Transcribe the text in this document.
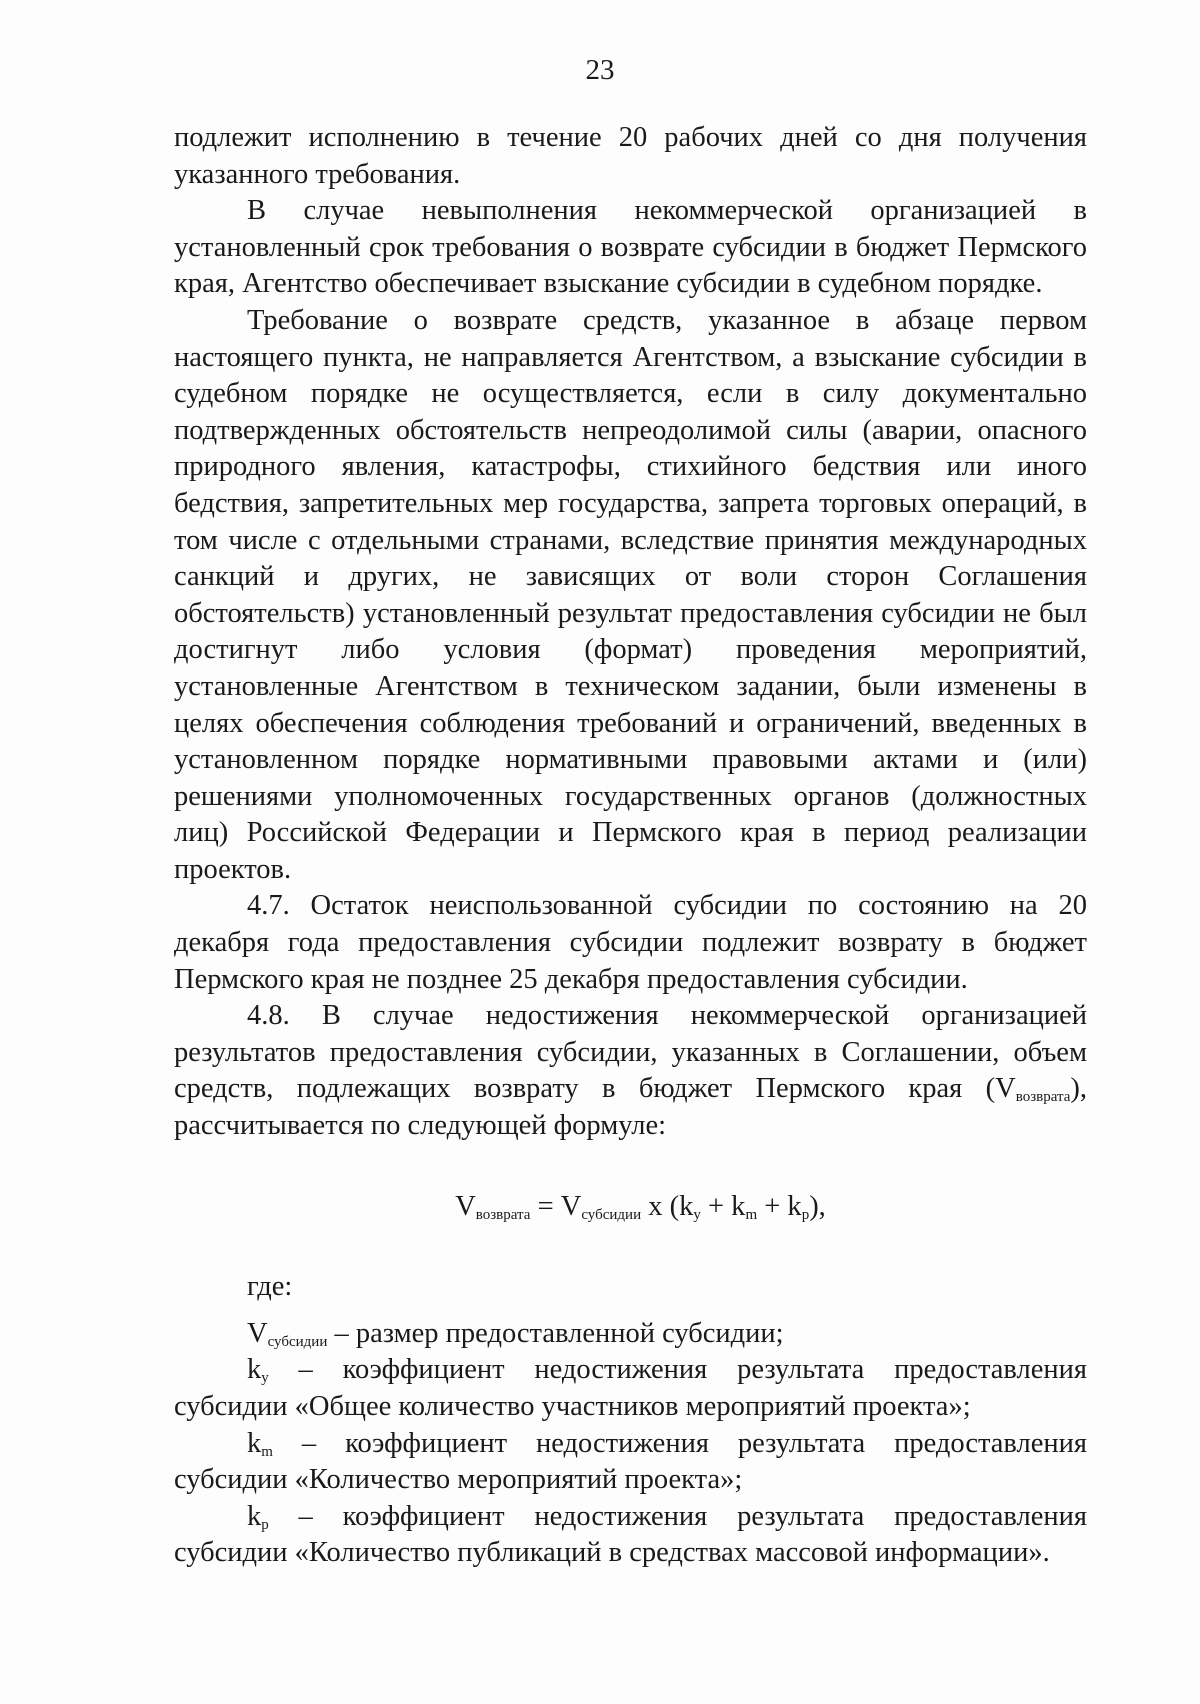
23

подлежит исполнению в течение 20 рабочих дней со дня получения указанного требования.

В случае невыполнения некоммерческой организацией в установленный срок требования о возврате субсидии в бюджет Пермского края, Агентство обеспечивает взыскание субсидии в судебном порядке.

Требование о возврате средств, указанное в абзаце первом настоящего пункта, не направляется Агентством, а взыскание субсидии в судебном порядке не осуществляется, если в силу документально подтвержденных обстоятельств непреодолимой силы (аварии, опасного природного явления, катастрофы, стихийного бедствия или иного бедствия, запретительных мер государства, запрета торговых операций, в том числе с отдельными странами, вследствие принятия международных санкций и других, не зависящих от воли сторон Соглашения обстоятельств) установленный результат предоставления субсидии не был достигнут либо условия (формат) проведения мероприятий, установленные Агентством в техническом задании, были изменены в целях обеспечения соблюдения требований и ограничений, введенных в установленном порядке нормативными правовыми актами и (или) решениями уполномоченных государственных органов (должностных лиц) Российской Федерации и Пермского края в период реализации проектов.

4.7. Остаток неиспользованной субсидии по состоянию на 20 декабря года предоставления субсидии подлежит возврату в бюджет Пермского края не позднее 25 декабря предоставления субсидии.

4.8. В случае недостижения некоммерческой организацией результатов предоставления субсидии, указанных в Соглашении, объем средств, подлежащих возврату в бюджет Пермского края $(V_{возврата})$, рассчитывается по следующей формуле:

$V_{возврата} = V_{субсидии}$ x $(k_y + k_m + k_p)$,

где:

$V_{субсидии}$ – размер предоставленной субсидии;

$k_y$ – коэффициент недостижения результата предоставления субсидии «Общее количество участников мероприятий проекта»;

$k_m$ – коэффициент недостижения результата предоставления субсидии «Количество мероприятий проекта»;

$k_p$ – коэффициент недостижения результата предоставления субсидии «Количество публикаций в средствах массовой информации».
